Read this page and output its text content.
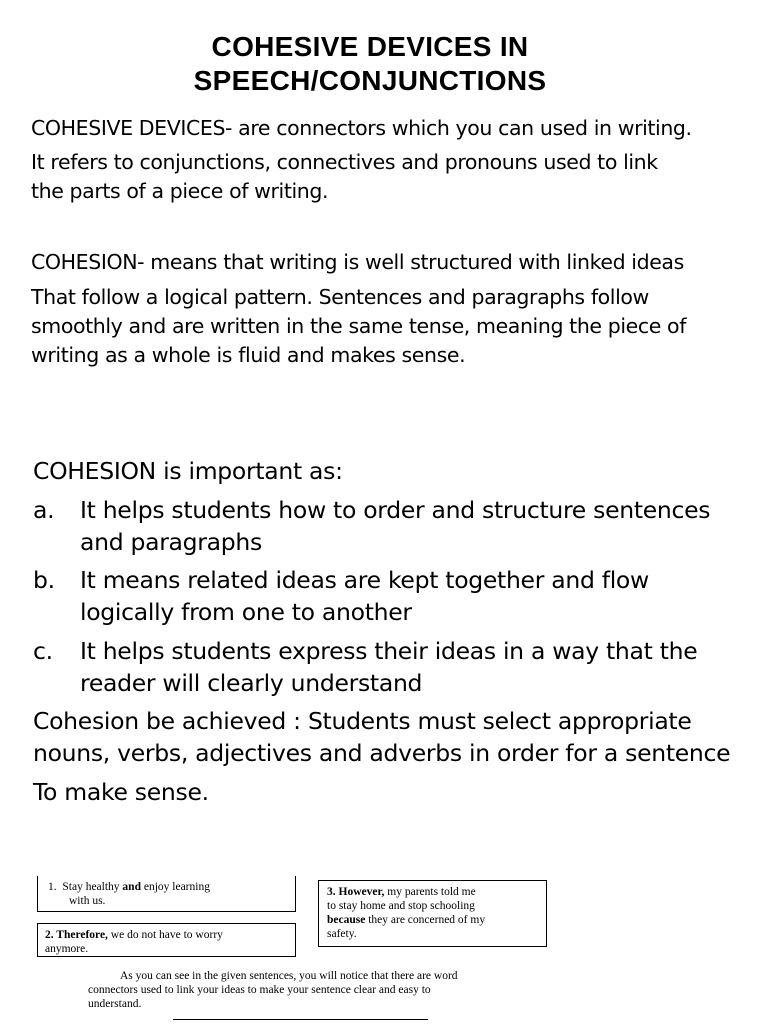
COHESIVE DEVICES IN
SPEECH/CONJUNCTIONS
COHESIVE DEVICES- are connectors which you can used in writing.
It refers to conjunctions, connectives and pronouns used to link
the parts of a piece of writing.
COHESION- means that writing is well structured with linked ideas
That follow a logical pattern. Sentences and paragraphs follow
smoothly and are written in the same tense, meaning the piece of
writing as a whole is fluid and makes sense.
COHESION is important as:
a. It helps students how to order and structure sentences
and paragraphs
b. It means related ideas are kept together and flow
logically from one to another
c. It helps students express their ideas in a way that the
reader will clearly understand
Cohesion be achieved : Students must select appropriate
nouns, verbs, adjectives and adverbs in order for a sentence
To make sense.
1. Stay healthy and enjoy learning
with us.
2. Therefore, we do not have to worry
anymore.
3. However, my parents told me
to stay home and stop schooling
because they are concerned of my
safety.
As you can see in the given sentences, you will notice that there are word
connectors used to link your ideas to make your sentence clear and easy to
understand.
